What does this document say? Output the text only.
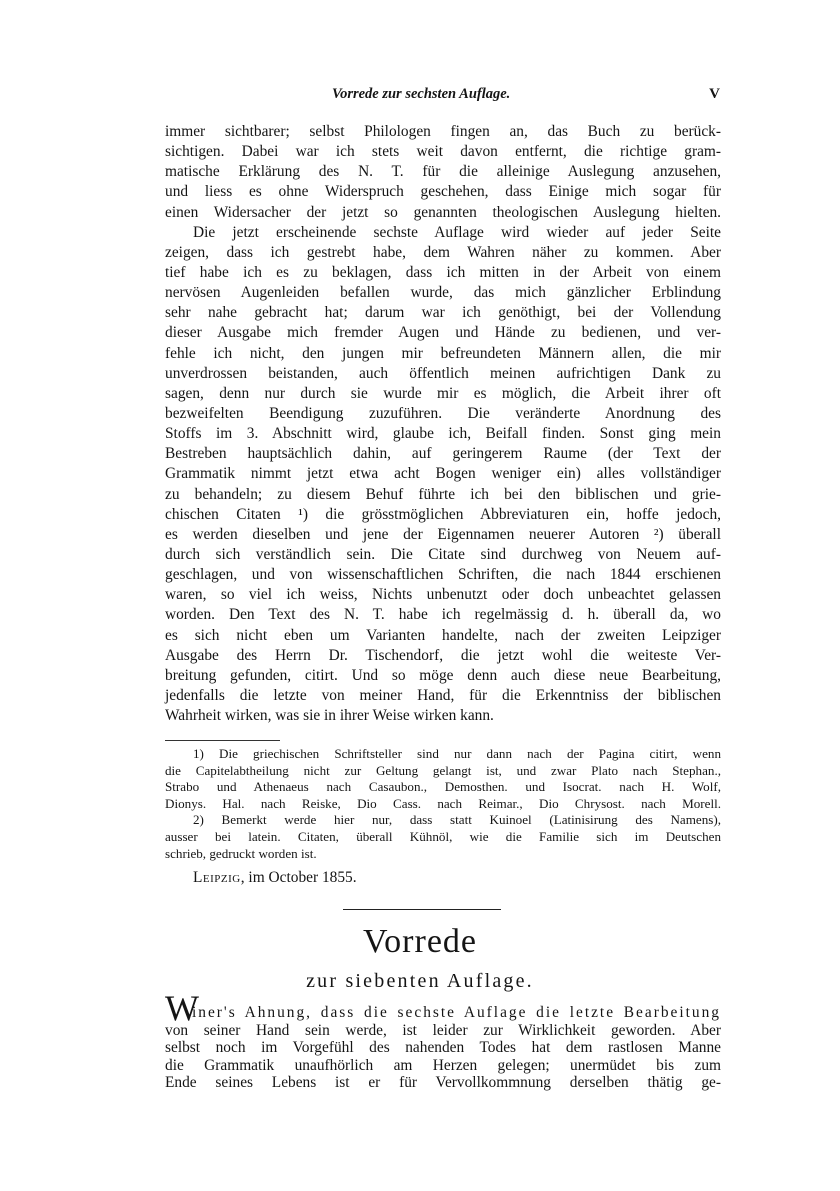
Vorrede zur sechsten Auflage.	V
immer sichtbarer; selbst Philologen fingen an, das Buch zu berück-
sichtigen. Dabei war ich stets weit davon entfernt, die richtige gram-
matische Erklärung des N. T. für die alleinige Auslegung anzusehen,
und liess es ohne Widerspruch geschehen, dass Einige mich sogar für
einen Widersacher der jetzt so genannten theologischen Auslegung hielten.
Die jetzt erscheinende sechste Auflage wird wieder auf jeder Seite
zeigen, dass ich gestrebt habe, dem Wahren näher zu kommen. Aber
tief habe ich es zu beklagen, dass ich mitten in der Arbeit von einem
nervösen Augenleiden befallen wurde, das mich gänzlicher Erblindung
sehr nahe gebracht hat; darum war ich genöthigt, bei der Vollendung
dieser Ausgabe mich fremder Augen und Hände zu bedienen, und ver-
fehle ich nicht, den jungen mir befreundeten Männern allen, die mir
unverdrossen beistanden, auch öffentlich meinen aufrichtigen Dank zu
sagen, denn nur durch sie wurde mir es möglich, die Arbeit ihrer oft
bezweifelten Beendigung zuzuführen. Die veränderte Anordnung des
Stoffs im 3. Abschnitt wird, glaube ich, Beifall finden. Sonst ging mein
Bestreben hauptsächlich dahin, auf geringerem Raume (der Text der
Grammatik nimmt jetzt etwa acht Bogen weniger ein) alles vollständiger
zu behandeln; zu diesem Behuf führte ich bei den biblischen und grie-
chischen Citaten ¹) die grösstmöglichen Abbreviaturen ein, hoffe jedoch,
es werden dieselben und jene der Eigennamen neuerer Autoren ²) überall
durch sich verständlich sein. Die Citate sind durchweg von Neuem auf-
geschlagen, und von wissenschaftlichen Schriften, die nach 1844 erschienen
waren, so viel ich weiss, Nichts unbenutzt oder doch unbeachtet gelassen
worden. Den Text des N. T. habe ich regelmässig d. h. überall da, wo
es sich nicht eben um Varianten handelte, nach der zweiten Leipziger
Ausgabe des Herrn Dr. Tischendorf, die jetzt wohl die weiteste Ver-
breitung gefunden, citirt. Und so möge denn auch diese neue Bearbeitung,
jedenfalls die letzte von meiner Hand, für die Erkenntniss der biblischen
Wahrheit wirken, was sie in ihrer Weise wirken kann.
1) Die griechischen Schriftsteller sind nur dann nach der Pagina citirt, wenn
die Capitelabtheilung nicht zur Geltung gelangt ist, und zwar Plato nach Stephan.,
Strabo und Athenaeus nach Casaubon., Demosthen. und Isocrat. nach H. Wolf,
Dionys. Hal. nach Reiske, Dio Cass. nach Reimar., Dio Chrysost. nach Morell.
2) Bemerkt werde hier nur, dass statt Kuinoel (Latinisirung des Namens),
ausser bei latein. Citaten, überall Kühnöl, wie die Familie sich im Deutschen
schrieb, gedruckt worden ist.
Leipzig, im October 1855.
Vorrede
zur siebenten Auflage.
W
iner's Ahnung, dass die sechste Auflage die letzte Bearbeitung
von seiner Hand sein werde, ist leider zur Wirklichkeit geworden. Aber
selbst noch im Vorgefühl des nahenden Todes hat dem rastlosen Manne
die Grammatik unaufhörlich am Herzen gelegen; unermüdet bis zum
Ende seines Lebens ist er für Vervollkommnung derselben thätig ge-
